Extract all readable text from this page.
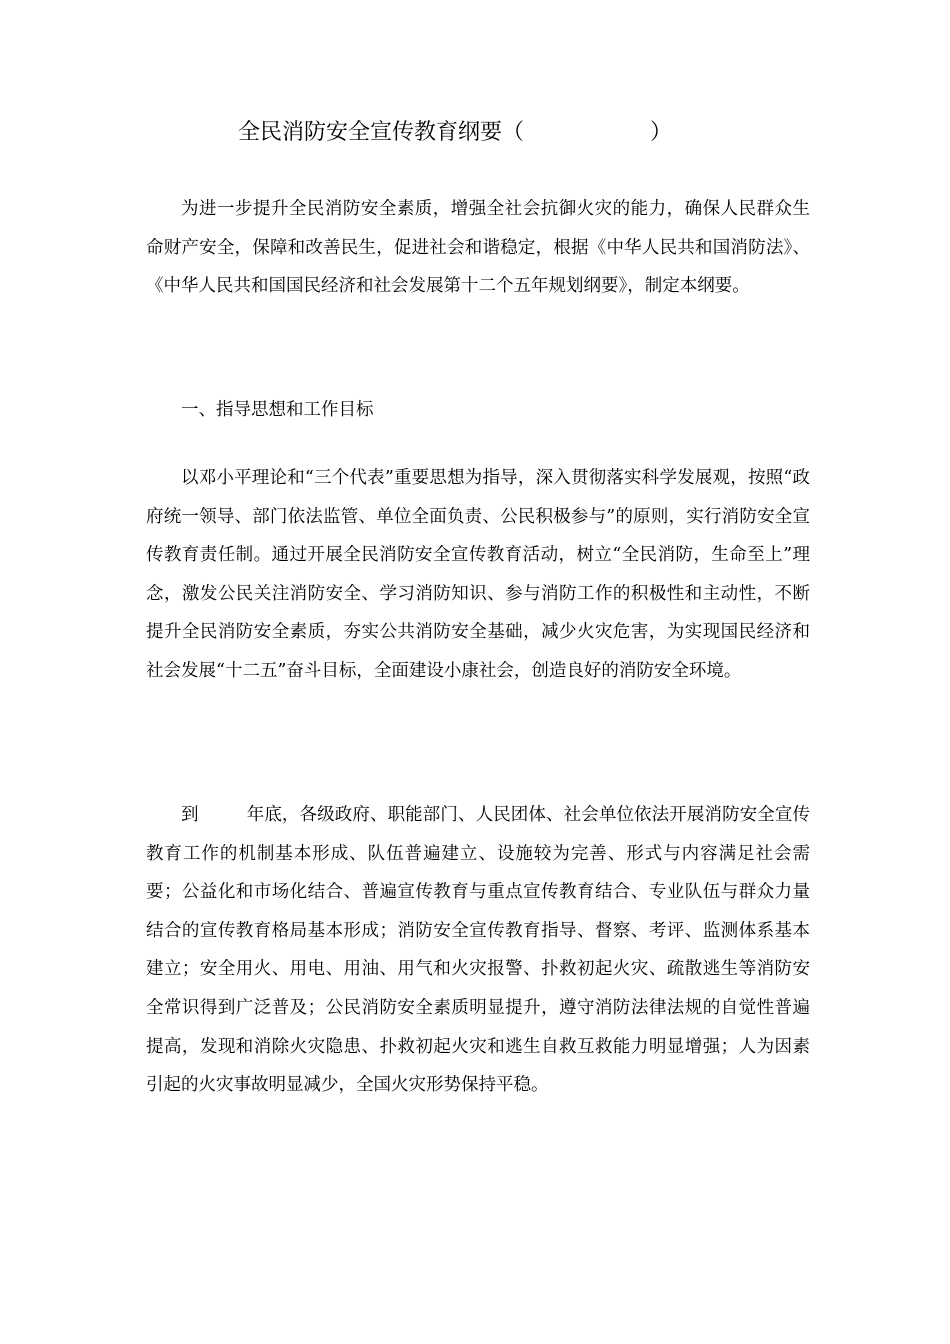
全民消防安全宣传教育纲要（	）

为进一步提升全民消防安全素质，增强全社会抗御火灾的能力，确保人民群众生命财产安全，保障和改善民生，促进社会和谐稳定，根据《中华人民共和国消防法》、《中华人民共和国国民经济和社会发展第十二个五年规划纲要》，制定本纲要。

一、指导思想和工作目标

以邓小平理论和“三个代表”重要思想为指导，深入贯彻落实科学发展观，按照“政府统一领导、部门依法监管、单位全面负责、公民积极参与”的原则，实行消防安全宣传教育责任制。通过开展全民消防安全宣传教育活动，树立“全民消防，生命至上”理念，激发公民关注消防安全、学习消防知识、参与消防工作的积极性和主动性，不断提升全民消防安全素质，夯实公共消防安全基础，减少火灾危害，为实现国民经济和社会发展“十二五”奋斗目标，全面建设小康社会，创造良好的消防安全环境。

到	年底，各级政府、职能部门、人民团体、社会单位依法开展消防安全宣传教育工作的机制基本形成、队伍普遍建立、设施较为完善、形式与内容满足社会需要；公益化和市场化结合、普遍宣传教育与重点宣传教育结合、专业队伍与群众力量结合的宣传教育格局基本形成；消防安全宣传教育指导、督察、考评、监测体系基本建立；安全用火、用电、用油、用气和火灾报警、扑救初起火灾、疏散逃生等消防安全常识得到广泛普及；公民消防安全素质明显提升，遵守消防法律法规的自觉性普遍提高，发现和消除火灾隐患、扑救初起火灾和逃生自救互救能力明显增强；人为因素引起的火灾事故明显减少，全国火灾形势保持平稳。
